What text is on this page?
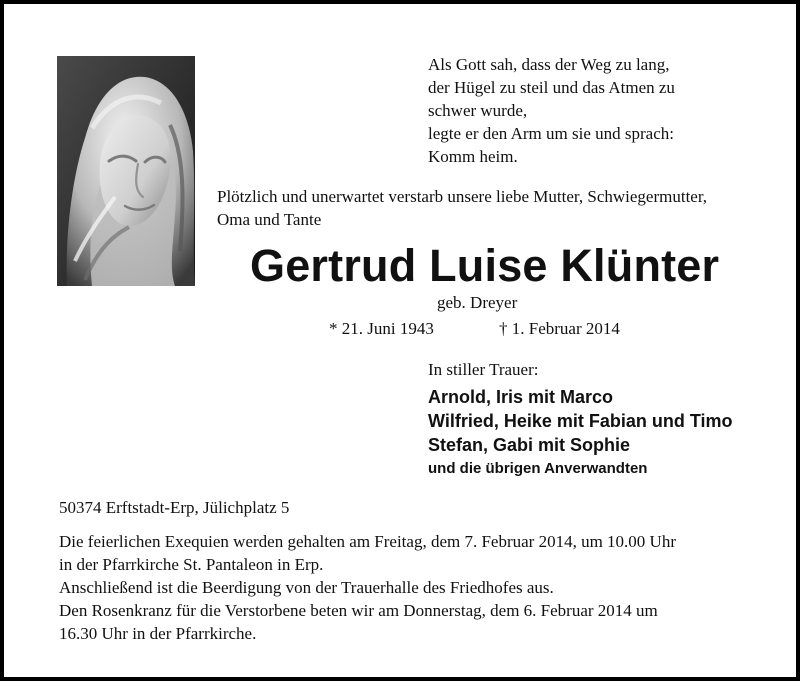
Als Gott sah, dass der Weg zu lang,
der Hügel zu steil und das Atmen zu
schwer wurde,
legte er den Arm um sie und sprach:
Komm heim.
Plötzlich und unerwartet verstarb unsere liebe Mutter, Schwiegermutter,
Oma und Tante
Gertrud Luise Klünter
geb. Dreyer
* 21. Juni 1943	† 1. Februar 2014
In stiller Trauer:
Arnold, Iris mit Marco
Wilfried, Heike mit Fabian und Timo
Stefan, Gabi mit Sophie
und die übrigen Anverwandten
50374 Erftstadt-Erp, Jülichplatz 5
Die feierlichen Exequien werden gehalten am Freitag, dem 7. Februar 2014, um 10.00 Uhr
in der Pfarrkirche St. Pantaleon in Erp.
Anschließend ist die Beerdigung von der Trauerhalle des Friedhofes aus.
Den Rosenkranz für die Verstorbene beten wir am Donnerstag, dem 6. Februar 2014 um
16.30 Uhr in der Pfarrkirche.
